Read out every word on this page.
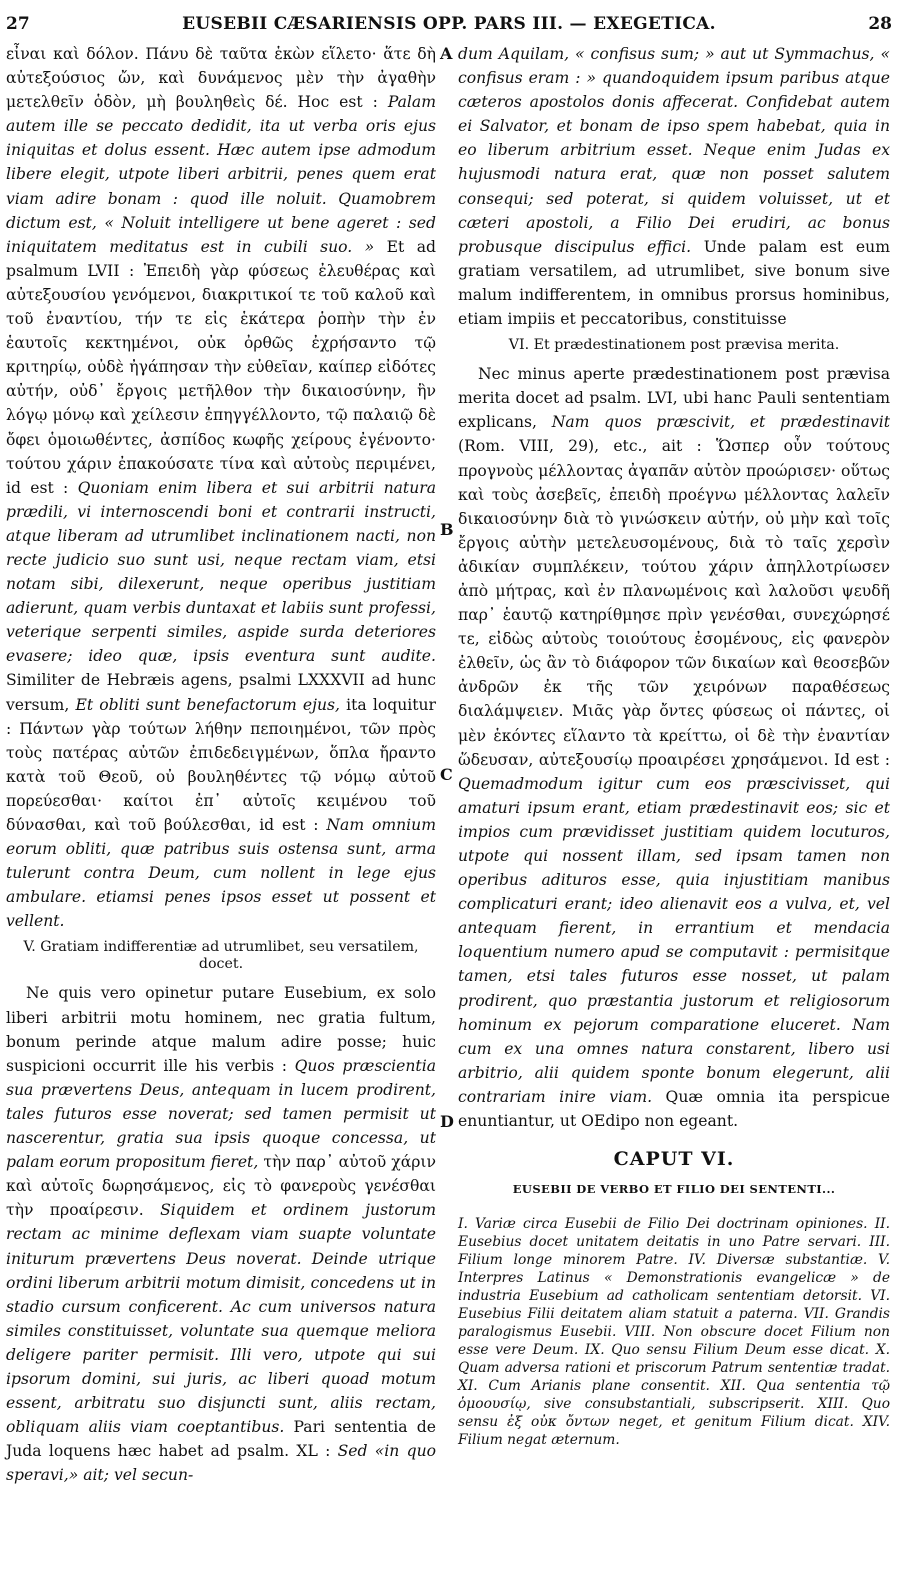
27	EUSEBII CÆSARIENSIS OPP. PARS III. — EXEGETICA.	28
A
B
C
D

εἶναι καὶ δόλον. Πάνυ δὲ ταῦτα ἑκὼν εἵλετο· ἅτε δὴ αὐτεξούσιος ὤν, καὶ δυνάμενος μὲν τὴν ἀγαθὴν μετελθεῖν ὁδὸν, μὴ βουληθεὶς δέ. Hoc est : Palam autem ille se peccato dedidit, ita ut verba oris ejus iniquitas et dolus essent. Hæc autem ipse admodum libere elegit, utpote liberi arbitrii, penes quem erat viam adire bonam : quod ille noluit. Quamobrem dictum est, « Noluit intelligere ut bene ageret : sed iniquitatem meditatus est in cubili suo. » Et ad psalmum LVII : Ἐπειδὴ γὰρ φύσεως ἐλευθέρας καὶ αὐτεξουσίου γενόμενοι, διακριτικοί τε τοῦ καλοῦ καὶ τοῦ ἐναντίου, τήν τε εἰς ἑκάτερα ῥοπὴν τὴν ἐν ἑαυτοῖς κεκτημένοι, οὐκ ὀρθῶς ἐχρήσαντο τῷ κριτηρίῳ, οὐδὲ ἠγάπησαν τὴν εὐθεῖαν, καίπερ εἰδότες αὐτήν, οὐδ᾽ ἔργοις μετῆλθον τὴν δικαιοσύνην, ἣν λόγῳ μόνῳ καὶ χείλεσιν ἐπηγγέλλοντο, τῷ παλαιῷ δὲ ὄφει ὁμοιωθέντες, ἀσπίδος κωφῆς χείρους ἐγένοντο· τούτου χάριν ἐπακούσατε τίνα καὶ αὐτοὺς περιμένει, id est : Quoniam enim libera et sui arbitrii natura prædili, vi internoscendi boni et contrarii instructi, atque liberam ad utrumlibet inclinationem nacti, non recte judicio suo sunt usi, neque rectam viam, etsi notam sibi, dilexerunt, neque operibus justitiam adierunt, quam verbis duntaxat et labiis sunt professi, veterique serpenti similes, aspide surda deteriores evasere; ideo quæ, ipsis eventura sunt audite. Similiter de Hebræis agens, psalmi LXXXVII ad hunc versum, Et obliti sunt benefactorum ejus, ita loquitur : Πάντων γὰρ τούτων λήθην πεποιημένοι, τῶν πρὸς τοὺς πατέρας αὐτῶν ἐπιδεδειγμένων, ὅπλα ἤραντο κατὰ τοῦ Θεοῦ, οὐ βουληθέντες τῷ νόμῳ αὐτοῦ πορεύεσθαι· καίτοι ἐπ᾽ αὐτοῖς κειμένου τοῦ δύνασθαι, καὶ τοῦ βούλεσθαι, id est : Nam omnium eorum obliti, quæ patribus suis ostensa sunt, arma tulerunt contra Deum, cum nollent in lege ejus ambulare. etiamsi penes ipsos esset ut possent et vellent.

V. Gratiam indifferentiæ ad utrumlibet, seu versatilem, docet.

Ne quis vero opinetur putare Eusebium, ex solo liberi arbitrii motu hominem, nec gratia fultum, bonum perinde atque malum adire posse; huic suspicioni occurrit ille his verbis : Quos præscientia sua prævertens Deus, antequam in lucem prodirent, tales futuros esse noverat; sed tamen permisit ut nascerentur, gratia sua ipsis quoque concessa, ut palam eorum propositum fieret, τὴν παρ᾽ αὐτοῦ χάριν καὶ αὐτοῖς δωρησάμενος, εἰς τὸ φανεροὺς γενέσθαι τὴν προαίρεσιν. Siquidem et ordinem justorum rectam ac minime deflexam viam suapte voluntate initurum prævertens Deus noverat. Deinde utrique ordini liberum arbitrii motum dimisit, concedens ut in stadio cursum conficerent. Ac cum universos natura similes constituisset, voluntate sua quemque meliora deligere pariter permisit. Illi vero, utpote qui sui ipsorum domini, sui juris, ac liberi quoad motum essent, arbitratu suo disjuncti sunt, aliis rectam, obliquam aliis viam coeptantibus. Pari sententia de Juda loquens hæc habet ad psalm. XL : Sed «in quo speravi,» ait; vel secun-

dum Aquilam, « confisus sum; » aut ut Symmachus, « confisus eram : » quandoquidem ipsum paribus atque cæteros apostolos donis affecerat. Confidebat autem ei Salvator, et bonam de ipso spem habebat, quia in eo liberum arbitrium esset. Neque enim Judas ex hujusmodi natura erat, quæ non posset salutem consequi; sed poterat, si quidem voluisset, ut et cæteri apostoli, a Filio Dei erudiri, ac bonus probusque discipulus effici. Unde palam est eum gratiam versatilem, ad utrumlibet, sive bonum sive malum indifferentem, in omnibus prorsus hominibus, etiam impiis et peccatoribus, constituisse

VI. Et prædestinationem post prævisa merita.

Nec minus aperte prædestinationem post prævisa merita docet ad psalm. LVI, ubi hanc Pauli sententiam explicans, Nam quos præscivit, et prædestinavit (Rom. VIII, 29), etc., ait : Ὥσπερ οὖν τούτους προγνοὺς μέλλοντας ἀγαπᾶν αὐτὸν προώρισεν· οὕτως καὶ τοὺς ἀσεβεῖς, ἐπειδὴ προέγνω μέλλοντας λαλεῖν δικαιοσύνην διὰ τὸ γινώσκειν αὐτήν, οὐ μὴν καὶ τοῖς ἔργοις αὐτὴν μετελευσομένους, διὰ τὸ ταῖς χερσὶν ἀδικίαν συμπλέκειν, τούτου χάριν ἀπηλλοτρίωσεν ἀπὸ μήτρας, καὶ ἐν πλανωμένοις καὶ λαλοῦσι ψευδῆ παρ᾽ ἑαυτῷ κατηρίθμησε πρὶν γενέσθαι, συνεχώρησέ τε, εἰδὼς αὐτοὺς τοιούτους ἐσομένους, εἰς φανερὸν ἐλθεῖν, ὡς ἂν τὸ διάφορον τῶν δικαίων καὶ θεοσεβῶν ἀνδρῶν ἐκ τῆς τῶν χειρόνων παραθέσεως διαλάμψειεν. Μιᾶς γὰρ ὄντες φύσεως οἱ πάντες, οἱ μὲν ἑκόντες εἵλαντο τὰ κρείττω, οἱ δὲ τὴν ἐναντίαν ὥδευσαν, αὐτεξουσίῳ προαιρέσει χρησάμενοι. Id est : Quemadmodum igitur cum eos præscivisset, qui amaturi ipsum erant, etiam prædestinavit eos; sic et impios cum prævidisset justitiam quidem locuturos, utpote qui nossent illam, sed ipsam tamen non operibus adituros esse, quia injustitiam manibus complicaturi erant; ideo alienavit eos a vulva, et, vel antequam fierent, in errantium et mendacia loquentium numero apud se computavit : permisitque tamen, etsi tales futuros esse nosset, ut palam prodirent, quo præstantia justorum et religiosorum hominum ex pejorum comparatione eluceret. Nam cum ex una omnes natura constarent, libero usi arbitrio, alii quidem sponte bonum elegerunt, alii contrariam inire viam. Quæ omnia ita perspicue enuntiantur, ut OEdipo non egeant.

CAPUT VI.
EUSEBII DE VERBO ET FILIO DEI SENTENTI...

I. Variæ circa Eusebii de Filio Dei doctrinam opiniones. II. Eusebius docet unitatem deitatis in uno Patre servari. III. Filium longe minorem Patre. IV. Diversæ substantiæ. V. Interpres Latinus « Demonstrationis evangelicæ » de industria Eusebium ad catholicam sententiam detorsit. VI. Eusebius Filii deitatem aliam statuit a paterna. VII. Grandis paralogismus Eusebii. VIII. Non obscure docet Filium non esse vere Deum. IX. Quo sensu Filium Deum esse dicat. X. Quam adversa rationi et priscorum Patrum sententiæ tradat. XI. Cum Arianis plane consentit. XII. Qua sententia τῷ ὁμοουσίῳ, sive consubstantiali, subscripserit. XIII. Quo sensu ἐξ οὐκ ὄντων neget, et genitum Filium dicat. XIV. Filium negat æternum.
